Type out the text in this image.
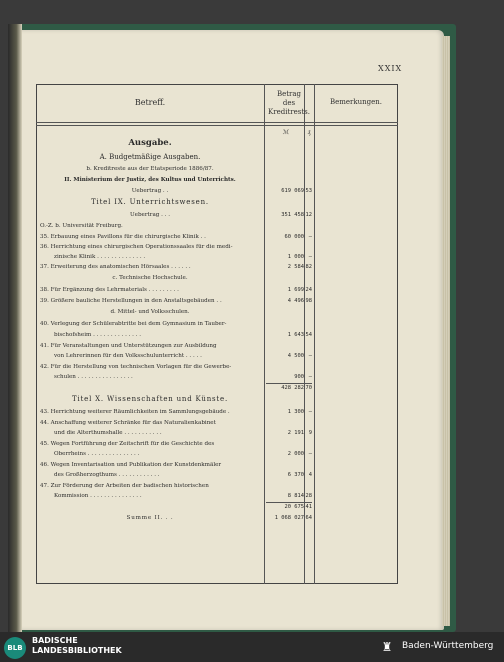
XXIX
Betreff.
Betrag
des
Kreditrests.
Bemerkungen.
ℳ	₰
Ausgabe.
A. Budgetmäßige Ausgaben.
b. Kreditreste aus der Etatsperiode 1886/87.
II. Ministerium der Justiz, des Kultus und Unterrichts.
Uebertrag . .	619 069 53
Titel IX. Unterrichtswesen.
Uebertrag . . .	351 458 12
O.-Z. b. Universität Freiburg.
35. Erbauung eines Pavillons für die chirurgische Klinik . .	60 000 —
36. Herrichtung eines chirurgischen Operationssaales für die medi-
zinische Klinik . . . . . . . . . . . . . .	1 000 —
37. Erweiterung des anatomischen Hörsaales . . . . . .	2 584 82
c. Technische Hochschule.
38. Für Ergänzung des Lehrmaterials . . . . . . . . .	1 699 24
39. Größere bauliche Herstellungen in den Anstaltsgebäuden . .	4 496 98
d. Mittel- und Volksschulen.
40. Verlegung der Schülerabtritte bei dem Gymnasium in Tauber-
bischofsheim . . . . . . . . . . . . . .	1 643 54
41. Für Veranstaltungen und Unterstützungen zur Ausbildung
von Lehrerinnen für den Volksschulunterricht . . . . .	4 500 —
42. Für die Herstellung von technischen Vorlagen für die Gewerbe-
schulen . . . . . . . . . . . . . . . .	900 —
428 282 70
Titel X. Wissenschaften und Künste.
43. Herrichtung weiterer Räumlichkeiten im Sammlungsgebäude .	1 300 —
44. Anschaffung weiterer Schränke für das Naturalienkabinet
und die Alterthumshalle . . . . . . . . . . .	2 191 9
45. Wegen Fortführung der Zeitschrift für die Geschichte des
Oberrheins . . . . . . . . . . . . . . .	2 000 —
46. Wegen Inventarisation und Publikation der Kunstdenkmäler
des Großherzogthums . . . . . . . . . . . .	6 370 4
47. Zur Förderung der Arbeiten der badischen historischen
Kommission . . . . . . . . . . . . . . .	8 814 28
20 675 41
Summe II. . .	1 068 027 64
BLB
BADISCHE
LANDESBIBLIOTHEK	♜	Baden-Württemberg
